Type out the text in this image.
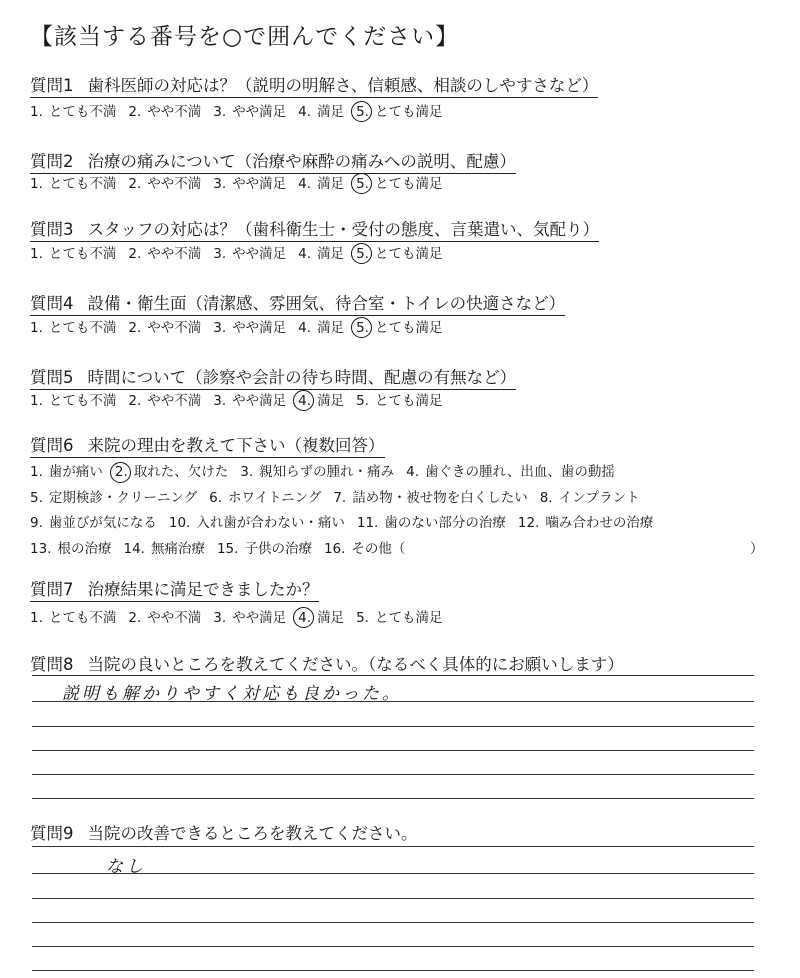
【該当する番号を○で囲んでください】
質問1 歯科医師の対応は？（説明の明解さ、信頼感、相談のしやすさなど）
1. とても不満 2. やや不満 3. やや満足 4. 満足 5. とても満足
質問2 治療の痛みについて（治療や麻酔の痛みへの説明、配慮）
1. とても不満 2. やや不満 3. やや満足 4. 満足 5. とても満足
質問3 スタッフの対応は？（歯科衛生士・受付の態度、言葉遣い、気配り）
1. とても不満 2. やや不満 3. やや満足 4. 満足 5. とても満足
質問4 設備・衛生面（清潔感、雰囲気、待合室・トイレの快適さなど）
1. とても不満 2. やや不満 3. やや満足 4. 満足 5. とても満足
質問5 時間について（診察や会計の待ち時間、配慮の有無など）
1. とても不満 2. やや不満 3. やや満足 4. 満足 5. とても満足
質問6 来院の理由を教えて下さい（複数回答）
1. 歯が痛い 2. 取れた、欠けた 3. 親知らずの腫れ・痛み 4. 歯ぐきの腫れ、出血、歯の動揺
5. 定期検診・クリーニング 6. ホワイトニング 7. 詰め物・被せ物を白くしたい 8. インプラント
9. 歯並びが気になる 10. 入れ歯が合わない・痛い 11. 歯のない部分の治療 12. 噛み合わせの治療
13. 根の治療 14. 無痛治療 15. 子供の治療 16. その他（	）
質問7 治療結果に満足できましたか？
1. とても不満 2. やや不満 3. やや満足 4. 満足 5. とても満足
質問8 当院の良いところを教えてください。（なるべく具体的にお願いします）
説明も解かりやすく対応も良かった。
質問9 当院の改善できるところを教えてください。
なし
